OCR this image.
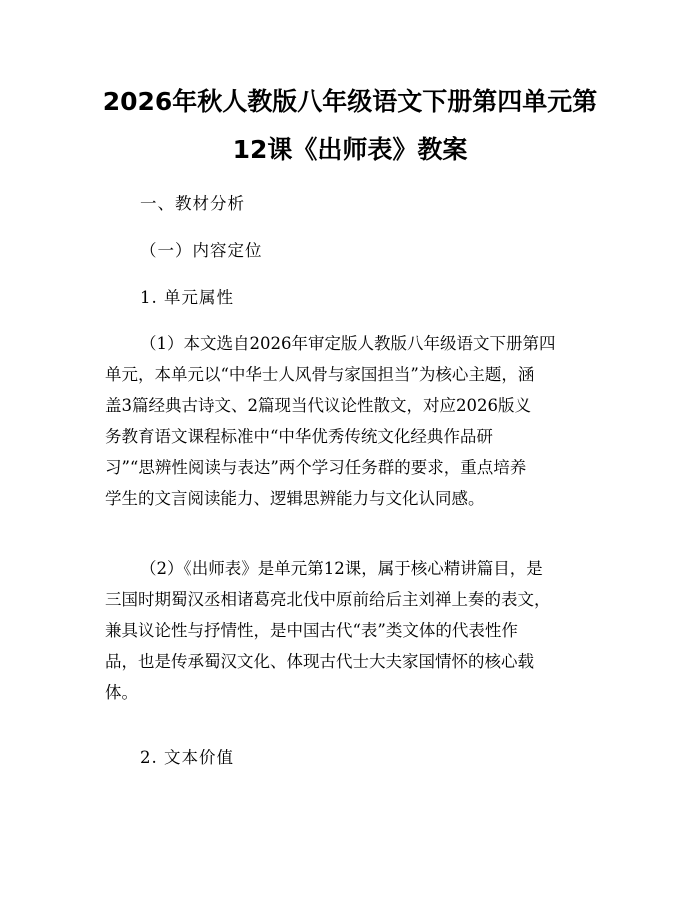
2026年秋人教版八年级语文下册第四单元第
12课《出师表》教案
一、教材分析
（一）内容定位
1. 单元属性
（1）本文选自2026年审定版人教版八年级语文下册第四
单元，本单元以“中华士人风骨与家国担当”为核心主题，涵
盖3篇经典古诗文、2篇现当代议论性散文，对应2026版义
务教育语文课程标准中“中华优秀传统文化经典作品研
习”“思辨性阅读与表达”两个学习任务群的要求，重点培养
学生的文言阅读能力、逻辑思辨能力与文化认同感。
（2）《出师表》是单元第12课，属于核心精讲篇目，是
三国时期蜀汉丞相诸葛亮北伐中原前给后主刘禅上奏的表文，
兼具议论性与抒情性，是中国古代“表”类文体的代表性作
品，也是传承蜀汉文化、体现古代士大夫家国情怀的核心载
体。
2. 文本价值
